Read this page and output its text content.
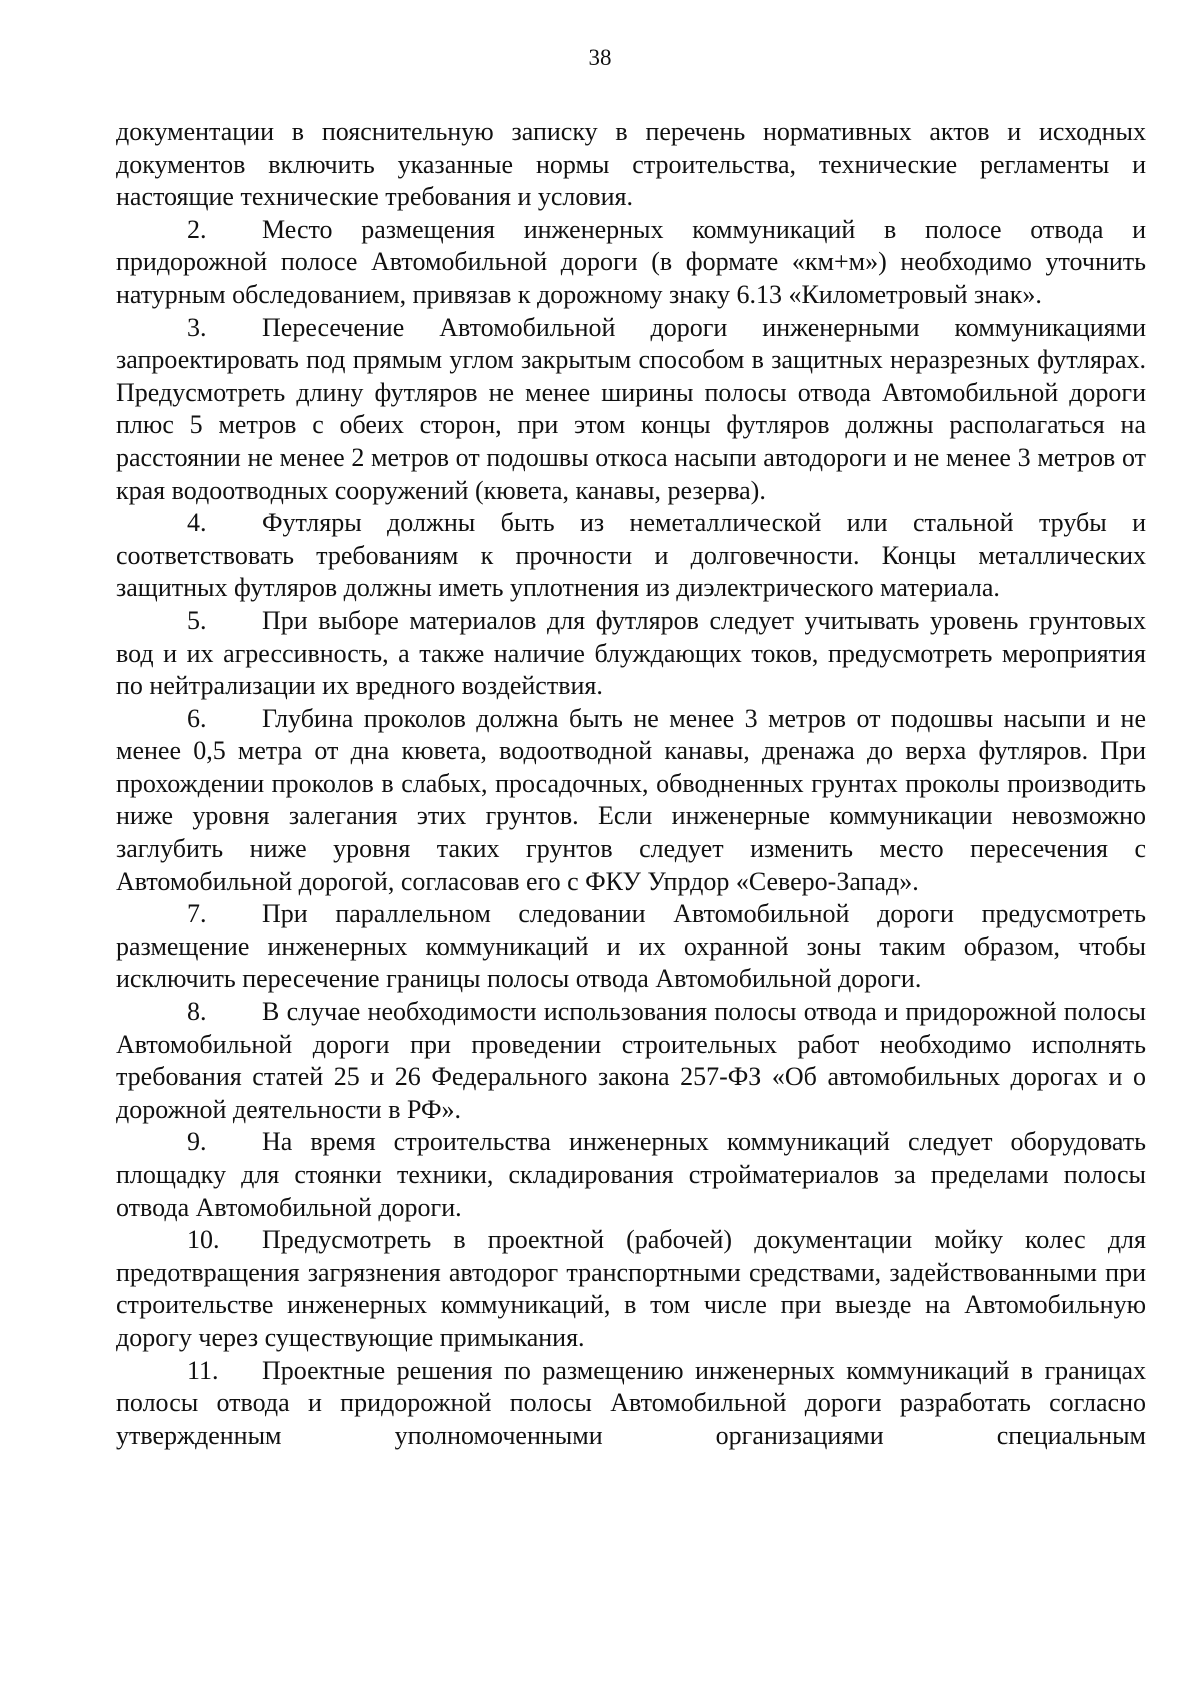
38

документации в пояснительную записку в перечень нормативных актов и исходных документов включить указанные нормы строительства, технические регламенты и настоящие технические требования и условия.

2. Место размещения инженерных коммуникаций в полосе отвода и придорожной полосе Автомобильной дороги (в формате «км+м») необходимо уточнить натурным обследованием, привязав к дорожному знаку 6.13 «Километровый знак».

3. Пересечение Автомобильной дороги инженерными коммуникациями запроектировать под прямым углом закрытым способом в защитных неразрезных футлярах. Предусмотреть длину футляров не менее ширины полосы отвода Автомобильной дороги плюс 5 метров с обеих сторон, при этом концы футляров должны располагаться на расстоянии не менее 2 метров от подошвы откоса насыпи автодороги и не менее 3 метров от края водоотводных сооружений (кювета, канавы, резерва).

4. Футляры должны быть из неметаллической или стальной трубы и соответствовать требованиям к прочности и долговечности. Концы металлических защитных футляров должны иметь уплотнения из диэлектрического материала.

5. При выборе материалов для футляров следует учитывать уровень грунтовых вод и их агрессивность, а также наличие блуждающих токов, предусмотреть мероприятия по нейтрализации их вредного воздействия.

6. Глубина проколов должна быть не менее 3 метров от подошвы насыпи и не менее 0,5 метра от дна кювета, водоотводной канавы, дренажа до верха футляров. При прохождении проколов в слабых, просадочных, обводненных грунтах проколы производить ниже уровня залегания этих грунтов. Если инженерные коммуникации невозможно заглубить ниже уровня таких грунтов следует изменить место пересечения с Автомобильной дорогой, согласовав его с ФКУ Упрдор «Северо-Запад».

7. При параллельном следовании Автомобильной дороги предусмотреть размещение инженерных коммуникаций и их охранной зоны таким образом, чтобы исключить пересечение границы полосы отвода Автомобильной дороги.

8. В случае необходимости использования полосы отвода и придорожной полосы Автомобильной дороги при проведении строительных работ необходимо исполнять требования статей 25 и 26 Федерального закона 257-ФЗ «Об автомобильных дорогах и о дорожной деятельности в РФ».

9. На время строительства инженерных коммуникаций следует оборудовать площадку для стоянки техники, складирования стройматериалов за пределами полосы отвода Автомобильной дороги.

10. Предусмотреть в проектной (рабочей) документации мойку колес для предотвращения загрязнения автодорог транспортными средствами, задействованными при строительстве инженерных коммуникаций, в том числе при выезде на Автомобильную дорогу через существующие примыкания.

11. Проектные решения по размещению инженерных коммуникаций в границах полосы отвода и придорожной полосы Автомобильной дороги разработать согласно утвержденным уполномоченными организациями специальным
